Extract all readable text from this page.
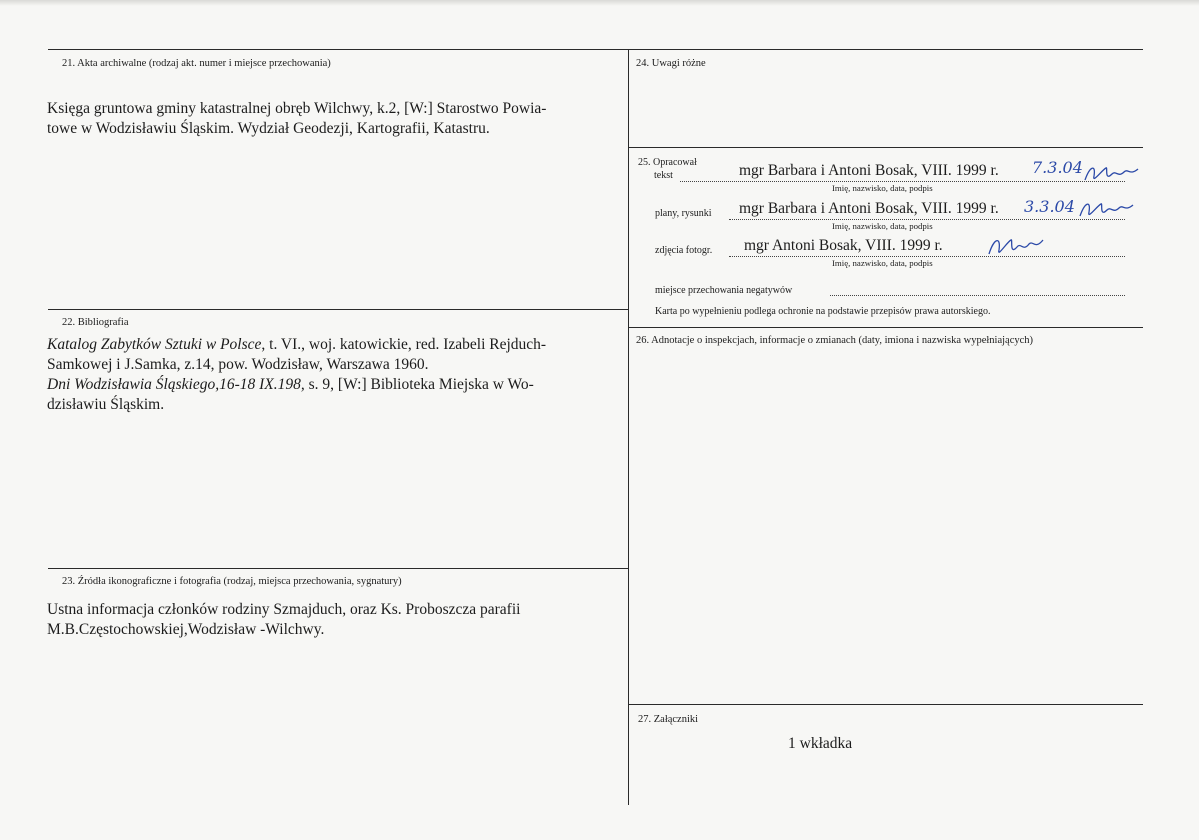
21. Akta archiwalne (rodzaj akt. numer i miejsce przechowania)

Księga gruntowa gminy katastralnej obręb Wilchwy, k.2, [W:] Starostwo Powia-

towe w Wodzisławiu Śląskim. Wydział Geodezji, Kartografii, Katastru.

22. Bibliografia

Katalog Zabytków Sztuki w Polsce, t. VI., woj. katowickie, red. Izabeli Rejduch-

Samkowej i J.Samka, z.14, pow. Wodzisław, Warszawa 1960.

Dni Wodzisławia Śląskiego,16-18 IX.198, s. 9, [W:] Biblioteka Miejska w Wo-

dzisławiu Śląskim.

23. Źródła ikonograficzne i fotografia (rodzaj, miejsca przechowania, sygnatury)

Ustna informacja członków rodziny Szmajduch, oraz Ks. Proboszcza parafii

M.B.Częstochowskiej,Wodzisław -Wilchwy.

24. Uwagi różne
25. Opracował
tekst	mgr Barbara i Antoni Bosak, VIII. 1999 r. 7.3.04
Imię, nazwisko, data, podpis
plany, rysunki mgr Barbara i Antoni Bosak, VIII. 1999 r. 3.3.04
Imię, nazwisko, data, podpis
zdjęcia fotogr. mgr Antoni Bosak, VIII. 1999 r.
Imię, nazwisko, data, podpis
miejsce przechowania negatywów
Karta po wypełnieniu podlega ochronie na podstawie przepisów prawa autorskiego.
26. Adnotacje o inspekcjach, informacje o zmianach (daty, imiona i nazwiska wypełniających)
27. Załączniki
1 wkładka
